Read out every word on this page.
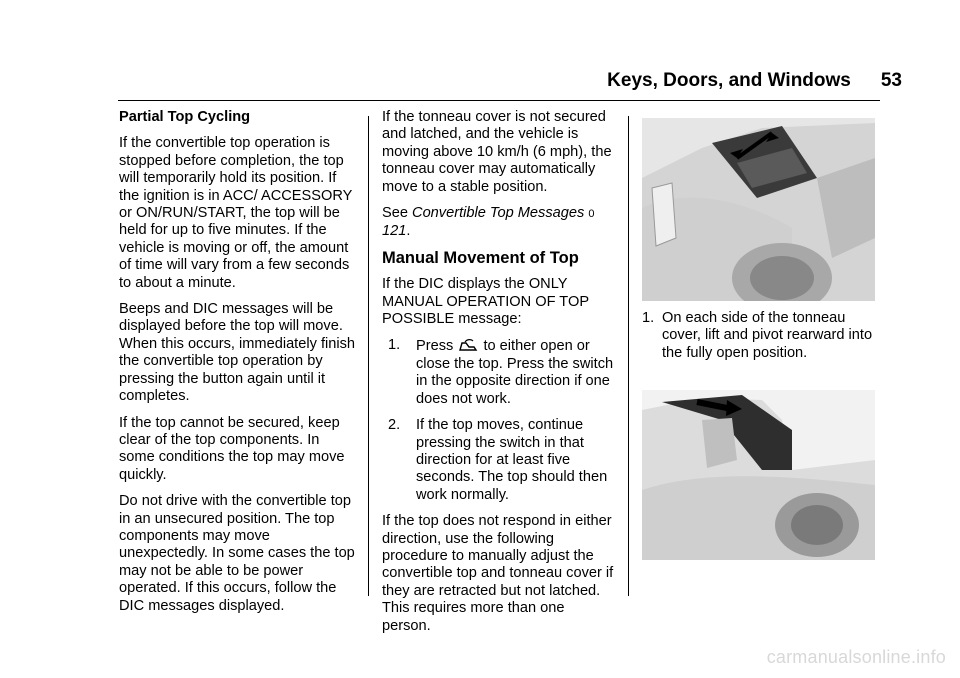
Keys, Doors, and Windows 53

Partial Top Cycling

If the convertible top operation is stopped before completion, the top will temporarily hold its position. If the ignition is in ACC/ ACCESSORY or ON/RUN/START, the top will be held for up to five minutes. If the vehicle is moving or off, the amount of time will vary from a few seconds to about a minute.

Beeps and DIC messages will be displayed before the top will move. When this occurs, immediately finish the convertible top operation by pressing the button again until it completes.

If the top cannot be secured, keep clear of the top components. In some conditions the top may move quickly.

Do not drive with the convertible top in an unsecured position. The top components may move unexpectedly. In some cases the top may not be able to be power operated. If this occurs, follow the DIC messages displayed.

If the tonneau cover is not secured and latched, and the vehicle is moving above 10 km/h (6 mph), the tonneau cover may automatically move to a stable position.

See Convertible Top Messages 0 121.

Manual Movement of Top

If the DIC displays the ONLY MANUAL OPERATION OF TOP POSSIBLE message:

1.	Press to either open or close the top. Press the switch in the opposite direction if one does not work.
2.	If the top moves, continue pressing the switch in that direction for at least five seconds. The top should then work normally.

If the top does not respond in either direction, use the following procedure to manually adjust the convertible top and tonneau cover if they are retracted but not latched. This requires more than one person.

1. On each side of the tonneau cover, lift and pivot rearward into the fully open position.
carmanualsonline.info
